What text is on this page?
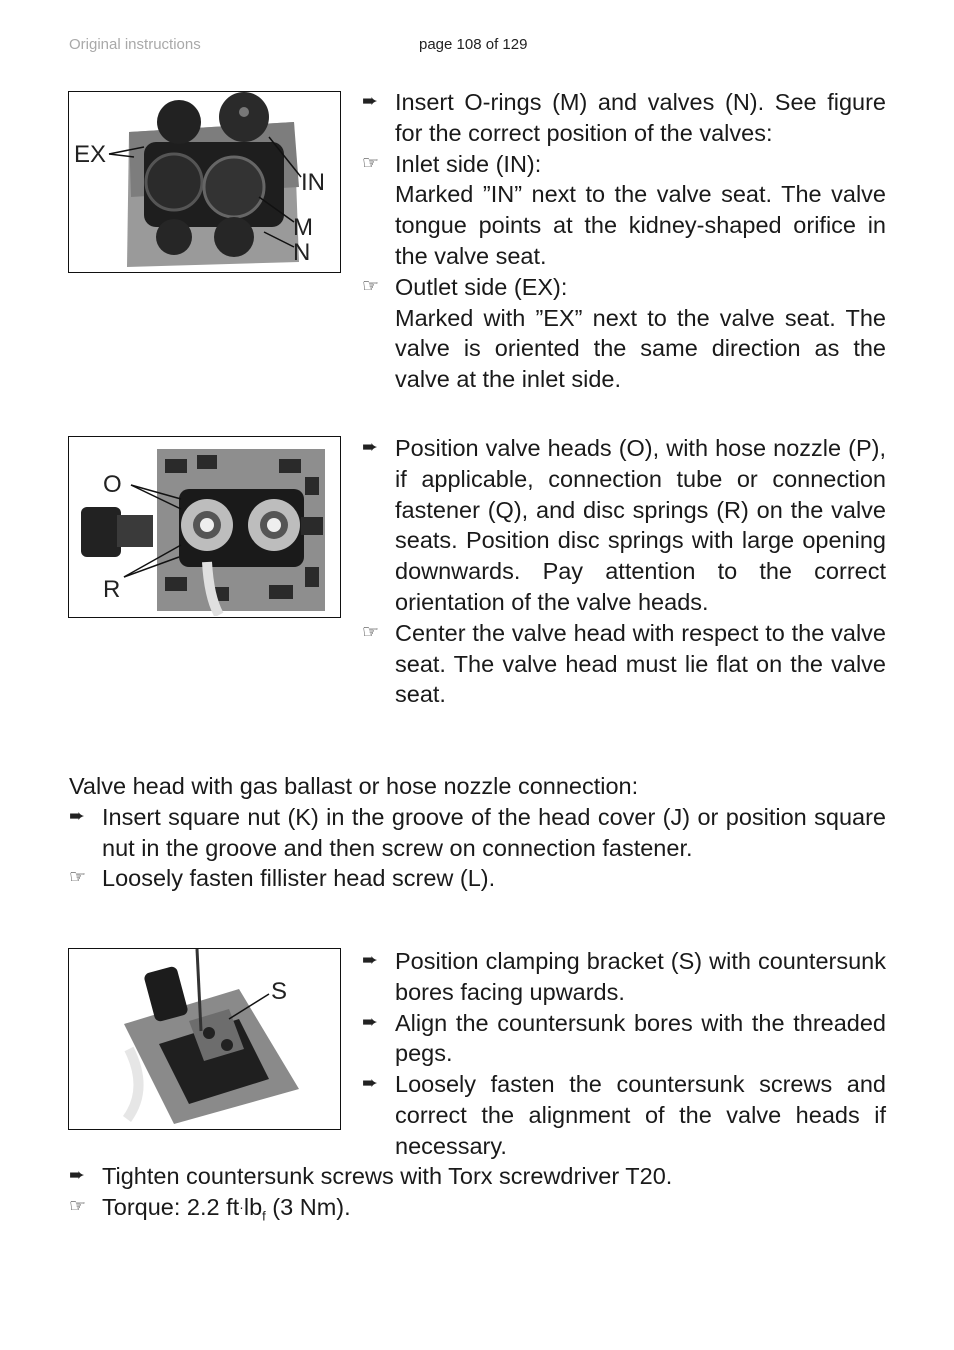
Original instructions	page 108 of 129
EX
IN
M
N
➨ Insert O-rings (M) and valves (N). See figure for the correct position of the valves:
☞ Inlet side (IN):
Marked ”IN” next to the valve seat. The valve tongue points at the kidney-shaped orifice in the valve seat.
☞ Outlet side (EX):
Marked with ”EX” next to the valve seat. The valve is oriented the same direction as the valve at the inlet side.
O
R
➨ Position valve heads (O), with hose nozzle (P), if applicable, connection tube or connection fastener (Q), and disc springs (R) on the valve seats. Position disc springs with large opening downwards. Pay attention to the correct orientation of the valve heads.
☞ Center the valve head with respect to the valve seat. The valve head must lie flat on the valve seat.
Valve head with gas ballast or hose nozzle connection:
➨ Insert square nut (K) in the groove of the head cover (J) or position square nut in the groove and then screw on connection fastener.
☞ Loosely fasten fillister head screw (L).
S
➨ Position clamping bracket (S) with countersunk bores facing upwards.
➨ Align the countersunk bores with the threaded pegs.
➨ Loosely fasten the countersunk screws and correct the alignment of the valve heads if necessary.
➨ Tighten countersunk screws with Torx screwdriver T20.
☞ Torque: 2.2 $ft\cdot lb_f$ (3 Nm).
